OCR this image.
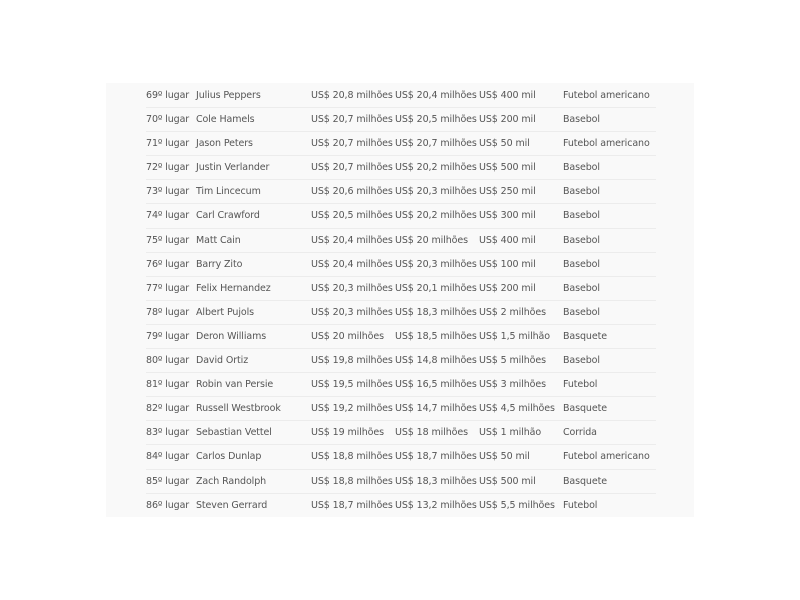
69º lugar Julius Peppers	US$ 20,8 milhões US$ 20,4 milhões US$ 400 mil	Futebol americano
70º lugar Cole Hamels	US$ 20,7 milhões US$ 20,5 milhões US$ 200 mil	Basebol
71º lugar Jason Peters	US$ 20,7 milhões US$ 20,7 milhões US$ 50 mil	Futebol americano
72º lugar Justin Verlander	US$ 20,7 milhões US$ 20,2 milhões US$ 500 mil	Basebol
73º lugar Tim Lincecum	US$ 20,6 milhões US$ 20,3 milhões US$ 250 mil	Basebol
74º lugar Carl Crawford	US$ 20,5 milhões US$ 20,2 milhões US$ 300 mil	Basebol
75º lugar Matt Cain	US$ 20,4 milhões US$ 20 milhões US$ 400 mil	Basebol
76º lugar Barry Zito	US$ 20,4 milhões US$ 20,3 milhões US$ 100 mil	Basebol
77º lugar Felix Hernandez	US$ 20,3 milhões US$ 20,1 milhões US$ 200 mil	Basebol
78º lugar Albert Pujols	US$ 20,3 milhões US$ 18,3 milhões US$ 2 milhões Basebol
79º lugar Deron Williams	US$ 20 milhões US$ 18,5 milhões US$ 1,5 milhão Basquete
80º lugar David Ortiz	US$ 19,8 milhões US$ 14,8 milhões US$ 5 milhões Basebol
81º lugar Robin van Persie	US$ 19,5 milhões US$ 16,5 milhões US$ 3 milhões Futebol
82º lugar Russell Westbrook	US$ 19,2 milhões US$ 14,7 milhões US$ 4,5 milhões Basquete
83º lugar Sebastian Vettel	US$ 19 milhões US$ 18 milhões US$ 1 milhão Corrida
84º lugar Carlos Dunlap	US$ 18,8 milhões US$ 18,7 milhões US$ 50 mil	Futebol americano
85º lugar Zach Randolph	US$ 18,8 milhões US$ 18,3 milhões US$ 500 mil	Basquete
86º lugar Steven Gerrard	US$ 18,7 milhões US$ 13,2 milhões US$ 5,5 milhões Futebol
